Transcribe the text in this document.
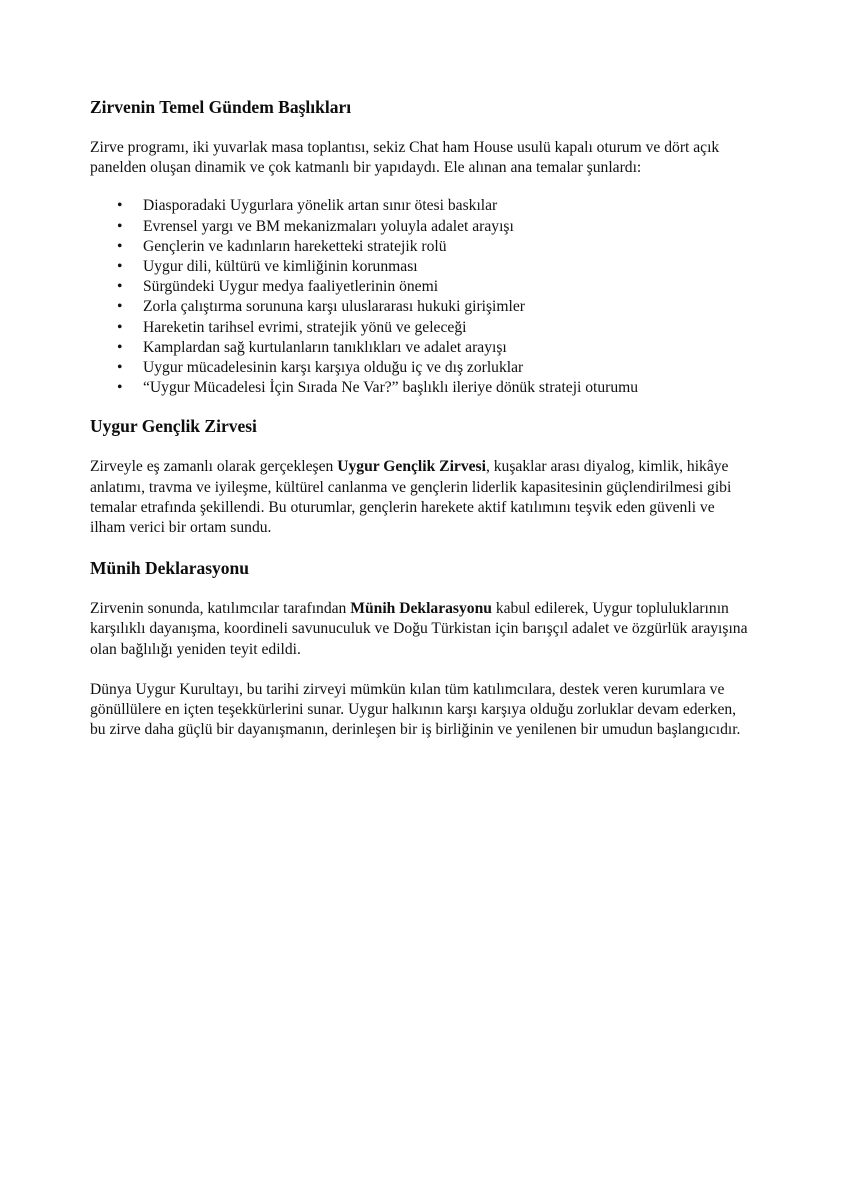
Zirvenin Temel Gündem Başlıkları

Zirve programı, iki yuvarlak masa toplantısı, sekiz Chat ham House usulü kapalı oturum ve dört açık panelden oluşan dinamik ve çok katmanlı bir yapıdaydı. Ele alınan ana temalar şunlardı:

• Diasporadaki Uygurlara yönelik artan sınır ötesi baskılar
• Evrensel yargı ve BM mekanizmaları yoluyla adalet arayışı
• Gençlerin ve kadınların hareketteki stratejik rolü
• Uygur dili, kültürü ve kimliğinin korunması
• Sürgündeki Uygur medya faaliyetlerinin önemi
• Zorla çalıştırma sorununa karşı uluslararası hukuki girişimler
• Hareketin tarihsel evrimi, stratejik yönü ve geleceği
• Kamplardan sağ kurtulanların tanıklıkları ve adalet arayışı
• Uygur mücadelesinin karşı karşıya olduğu iç ve dış zorluklar
• “Uygur Mücadelesi İçin Sırada Ne Var?” başlıklı ileriye dönük strateji oturumu
Uygur Gençlik Zirvesi

Zirveyle eş zamanlı olarak gerçekleşen Uygur Gençlik Zirvesi, kuşaklar arası diyalog, kimlik, hikâye anlatımı, travma ve iyileşme, kültürel canlanma ve gençlerin liderlik kapasitesinin güçlendirilmesi gibi temalar etrafında şekillendi. Bu oturumlar, gençlerin harekete aktif katılımını teşvik eden güvenli ve ilham verici bir ortam sundu.

Münih Deklarasyonu

Zirvenin sonunda, katılımcılar tarafından Münih Deklarasyonu kabul edilerek, Uygur topluluklarının karşılıklı dayanışma, koordineli savunuculuk ve Doğu Türkistan için barışçıl adalet ve özgürlük arayışına olan bağlılığı yeniden teyit edildi.

Dünya Uygur Kurultayı, bu tarihi zirveyi mümkün kılan tüm katılımcılara, destek veren kurumlara ve gönüllülere en içten teşekkürlerini sunar. Uygur halkının karşı karşıya olduğu zorluklar devam ederken, bu zirve daha güçlü bir dayanışmanın, derinleşen bir iş birliğinin ve yenilenen bir umudun başlangıcıdır.
